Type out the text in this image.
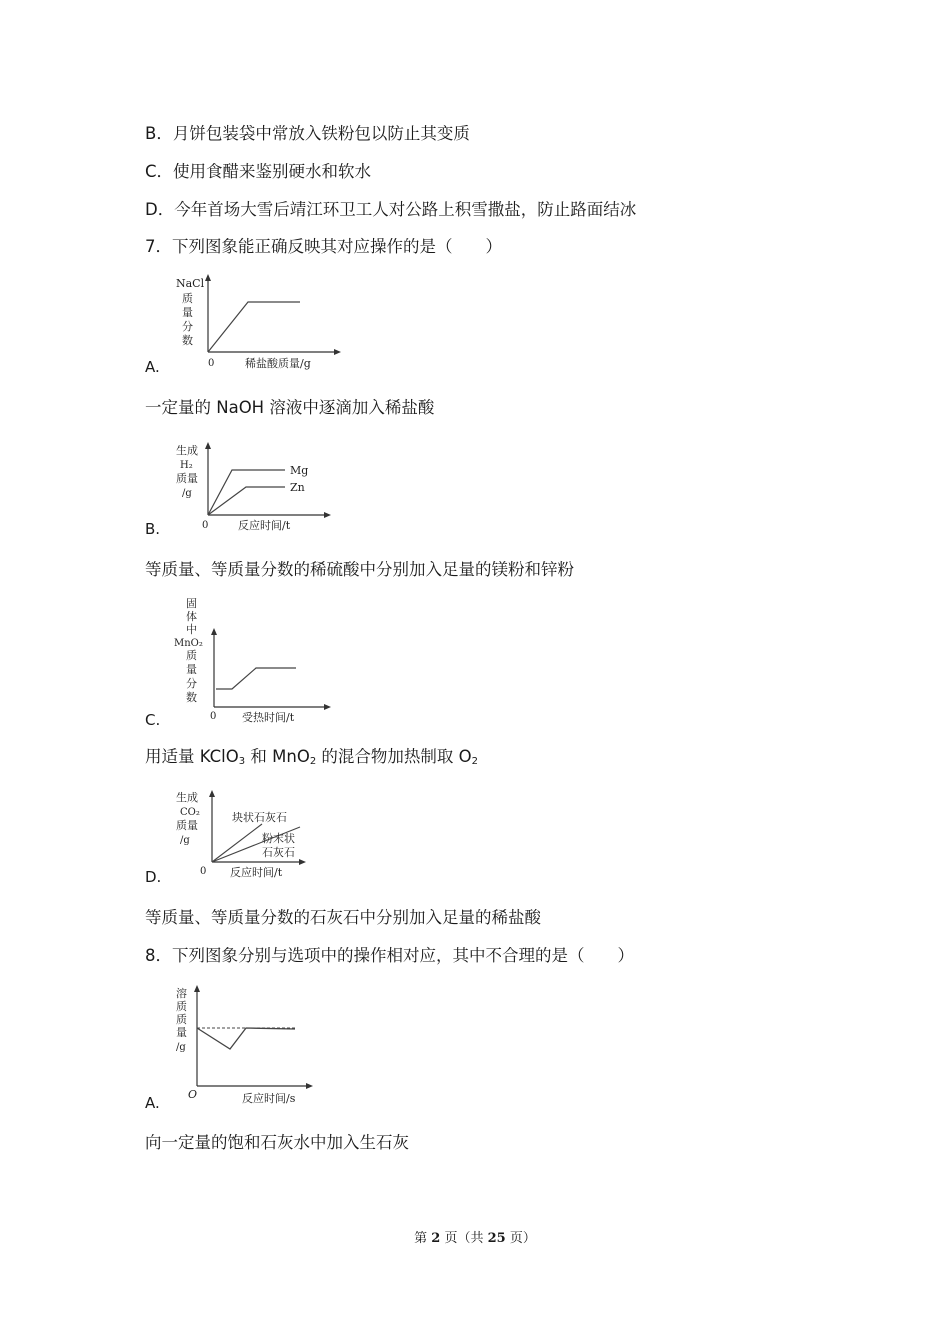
B．月饼包装袋中常放入铁粉包以防止其变质
C．使用食醋来鉴别硬水和软水
D．今年首场大雪后靖江环卫工人对公路上积雪撒盐，防止路面结冰
7．下列图象能正确反映其对应操作的是（　　）
NaCl
质
量
分
数
0	稀盐酸质量/g
A.
一定量的 NaOH 溶液中逐滴加入稀盐酸
生成
H₂
质量
/g
Mg
Zn
0	反应时间/t
B.
等质量、等质量分数的稀硫酸中分别加入足量的镁粉和锌粉
固
体
中
MnO₂
质
量
分
数
0 受热时间/t
C.
用适量 KClO$_3$ 和 MnO$_2$ 的混合物加热制取 $O_2$
生成
CO₂
质量
/g
块状石灰石
粉末状
石灰石
0 反应时间/t
D.
等质量、等质量分数的石灰石中分别加入足量的稀盐酸
8．下列图象分别与选项中的操作相对应，其中不合理的是（　　）
溶
质
质
量
/g
O	反应时间/s
A.
向一定量的饱和石灰水中加入生石灰
第 2 页（共 25 页）
